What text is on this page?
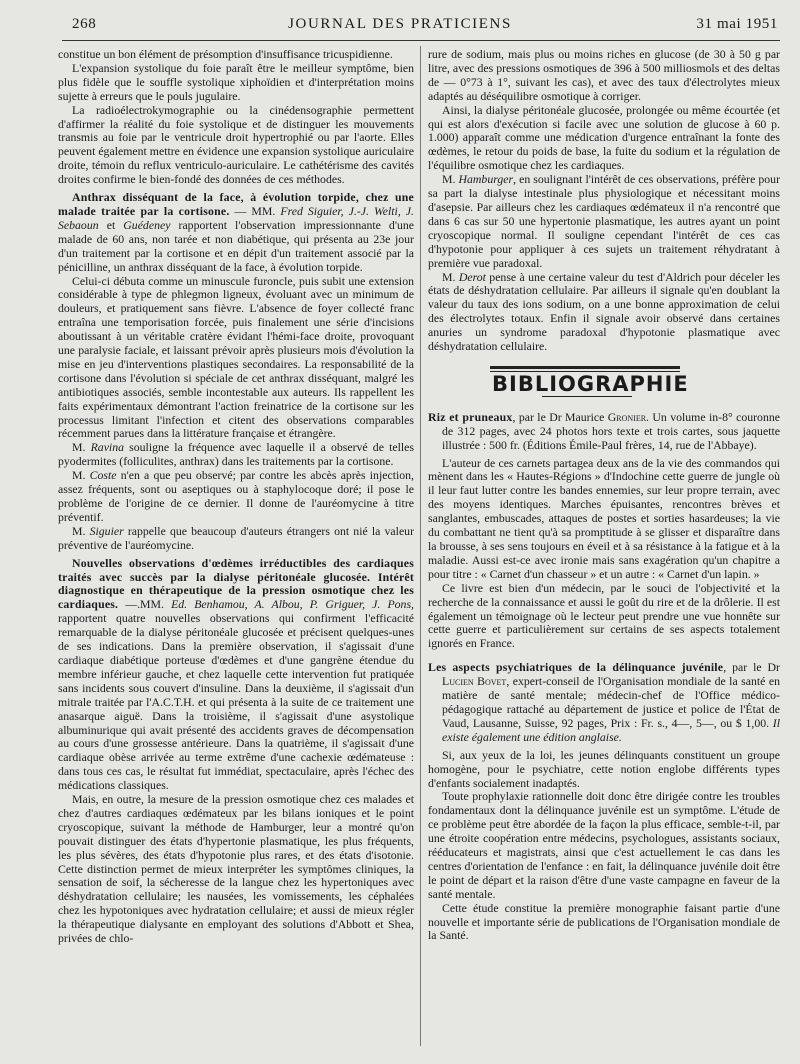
268	JOURNAL DES PRATICIENS	31 mai 1951

constitue un bon élément de présomption d'insuffisance tricuspidienne.

L'expansion systolique du foie paraît être le meilleur symptôme, bien plus fidèle que le souffle systolique xiphoïdien et d'interprétation moins sujette à erreurs que le pouls jugulaire.

La radioélectrokymographie ou la cinédensographie permettent d'affirmer la réalité du foie systolique et de distinguer les mouvements transmis au foie par le ventricule droit hypertrophié ou par l'aorte. Elles peuvent également mettre en évidence une expansion systolique auriculaire droite, témoin du reflux ventriculo-auriculaire. Le cathétérisme des cavités droites confirme le bien-fondé des données de ces méthodes.

Anthrax disséquant de la face, à évolution torpide, chez une malade traitée par la cortisone. — MM. Fred Siguier, J.-J. Welti, J. Sebaoun et Guédeney rapportent l'observation impressionnante d'une malade de 60 ans, non tarée et non diabétique, qui présenta au 23e jour d'un traitement par la cortisone et en dépit d'un traitement associé par la pénicilline, un anthrax disséquant de la face, à évolution torpide.

Celui-ci débuta comme un minuscule furoncle, puis subit une extension considérable à type de phlegmon ligneux, évoluant avec un minimum de douleurs, et pratiquement sans fièvre. L'absence de foyer collecté franc entraîna une temporisation forcée, puis finalement une série d'incisions aboutissant à un véritable cratère évidant l'hémi-face droite, provoquant une paralysie faciale, et laissant prévoir après plusieurs mois d'évolution la mise en jeu d'interventions plastiques secondaires. La responsabilité de la cortisone dans l'évolution si spéciale de cet anthrax disséquant, malgré les antibiotiques associés, semble incontestable aux auteurs. Ils rappellent les faits expérimentaux démontrant l'action freinatrice de la cortisone sur les processus limitant l'infection et citent des observations comparables récemment parues dans la littérature française et étrangère.

M. Ravina souligne la fréquence avec laquelle il a observé de telles pyodermites (folliculites, anthrax) dans les traitements par la cortisone.

M. Coste n'en a que peu observé; par contre les abcès après injection, assez fréquents, sont ou aseptiques ou à staphylocoque doré; il pose le problème de l'origine de ce dernier. Il donne de l'auréomycine à titre préventif.

M. Siguier rappelle que beaucoup d'auteurs étrangers ont nié la valeur préventive de l'auréomycine.

Nouvelles observations d'œdèmes irréductibles des cardiaques traités avec succès par la dialyse péritonéale glucosée. Intérêt diagnostique en thérapeutique de la pression osmotique chez les cardiaques. —.MM. Ed. Benhamou, A. Albou, P. Griguer, J. Pons, rapportent quatre nouvelles observations qui confirment l'efficacité remarquable de la dialyse péritonéale glucosée et précisent quelques-unes de ses indications. Dans la première observation, il s'agissait d'une cardiaque diabétique porteuse d'œdèmes et d'une gangrène étendue du membre inférieur gauche, et chez laquelle cette intervention fut pratiquée sans incidents sous couvert d'insuline. Dans la deuxième, il s'agissait d'un mitrale traitée par l'A.C.T.H. et qui présenta à la suite de ce traitement une anasarque aiguë. Dans la troisième, il s'agissait d'une asystolique albuminurique qui avait présenté des accidents graves de décompensation au cours d'une grossesse antérieure. Dans la quatrième, il s'agissait d'une cardiaque obèse arrivée au terme extrême d'une cachexie œdémateuse : dans tous ces cas, le résultat fut immédiat, spectaculaire, après l'échec des médications classiques.

Mais, en outre, la mesure de la pression osmotique chez ces malades et chez d'autres cardiaques œdémateux par les bilans ioniques et le point cryoscopique, suivant la méthode de Hamburger, leur a montré qu'on pouvait distinguer des états d'hypertonie plasmatique, les plus fréquents, les plus sévères, des états d'hypotonie plus rares, et des états d'isotonie. Cette distinction permet de mieux interpréter les symptômes cliniques, la sensation de soif, la sécheresse de la langue chez les hypertoniques avec déshydratation cellulaire; les nausées, les vomissements, les céphalées chez les hypotoniques avec hydratation cellulaire; et aussi de mieux régler la thérapeutique dialysante en employant des solutions d'Abbott et Shea, privées de chlo-

rure de sodium, mais plus ou moins riches en glucose (de 30 à 50 g par litre, avec des pressions osmotiques de 396 à 500 milliosmols et des deltas de — 0°73 à 1°, suivant les cas), et avec des taux d'électrolytes mieux adaptés au déséquilibre osmotique à corriger.

Ainsi, la dialyse péritonéale glucosée, prolongée ou même écourtée (et qui est alors d'exécution si facile avec une solution de glucose à 60 p. 1.000) apparaît comme une médication d'urgence entraînant la fonte des œdèmes, le retour du poids de base, la fuite du sodium et la régulation de l'équilibre osmotique chez les cardiaques.

M. Hamburger, en soulignant l'intérêt de ces observations, préfère pour sa part la dialyse intestinale plus physiologique et nécessitant moins d'asepsie. Par ailleurs chez les cardiaques œdémateux il n'a rencontré que dans 6 cas sur 50 une hypertonie plasmatique, les autres ayant un point cryoscopique normal. Il souligne cependant l'intérêt de ces cas d'hypotonie pour appliquer à ces sujets un traitement réhydratant à première vue paradoxal.

M. Derot pense à une certaine valeur du test d'Aldrich pour déceler les états de déshydratation cellulaire. Par ailleurs il signale qu'en doublant la valeur du taux des ions sodium, on a une bonne approximation de celui des électrolytes totaux. Enfin il signale avoir observé dans certaines anuries un syndrome paradoxal d'hypotonie plasmatique avec déshydratation cellulaire.

BIBLIOGRAPHIE

Riz et pruneaux, par le Dr Maurice Gronier. Un volume in-8° couronne de 312 pages, avec 24 photos hors texte et trois cartes, sous jaquette illustrée : 500 fr. (Éditions Émile-Paul frères, 14, rue de l'Abbaye).

L'auteur de ces carnets partagea deux ans de la vie des commandos qui mènent dans les « Hautes-Régions » d'Indochine cette guerre de jungle où il leur faut lutter contre les bandes ennemies, sur leur propre terrain, avec des moyens identiques. Marches épuisantes, rencontres brèves et sanglantes, embuscades, attaques de postes et sorties hasardeuses; la vie du combattant ne tient qu'à sa promptitude à se glisser et disparaître dans la brousse, à ses sens toujours en éveil et à sa résistance à la fatigue et à la maladie. Aussi est-ce avec ironie mais sans exagération qu'un chapitre a pour titre : « Carnet d'un chasseur » et un autre : « Carnet d'un lapin. »

Ce livre est bien d'un médecin, par le souci de l'objectivité et la recherche de la connaissance et aussi le goût du rire et de la drôlerie. Il est également un témoignage où le lecteur peut prendre une vue honnête sur cette guerre et particulièrement sur certains de ses aspects totalement ignorés en France.

Les aspects psychiatriques de la délinquance juvénile, par le Dr Lucien Bovet, expert-conseil de l'Organisation mondiale de la santé en matière de santé mentale; médecin-chef de l'Office médico-pédagogique rattaché au département de justice et police de l'État de Vaud, Lausanne, Suisse, 92 pages, Prix : Fr. s., 4—, 5—, ou $ 1,00. Il existe également une édition anglaise.

Si, aux yeux de la loi, les jeunes délinquants constituent un groupe homogène, pour le psychiatre, cette notion englobe différents types d'enfants socialement inadaptés.

Toute prophylaxie rationnelle doit donc être dirigée contre les troubles fondamentaux dont la délinquance juvénile est un symptôme. L'étude de ce problème peut être abordée de la façon la plus efficace, semble-t-il, par une étroite coopération entre médecins, psychologues, assistants sociaux, rééducateurs et magistrats, ainsi que c'est actuellement le cas dans les centres d'orientation de l'enfance : en fait, la délinquance juvénile doit être le point de départ et la raison d'être d'une vaste campagne en faveur de la santé mentale.

Cette étude constitue la première monographie faisant partie d'une nouvelle et importante série de publications de l'Organisation mondiale de la Santé.
